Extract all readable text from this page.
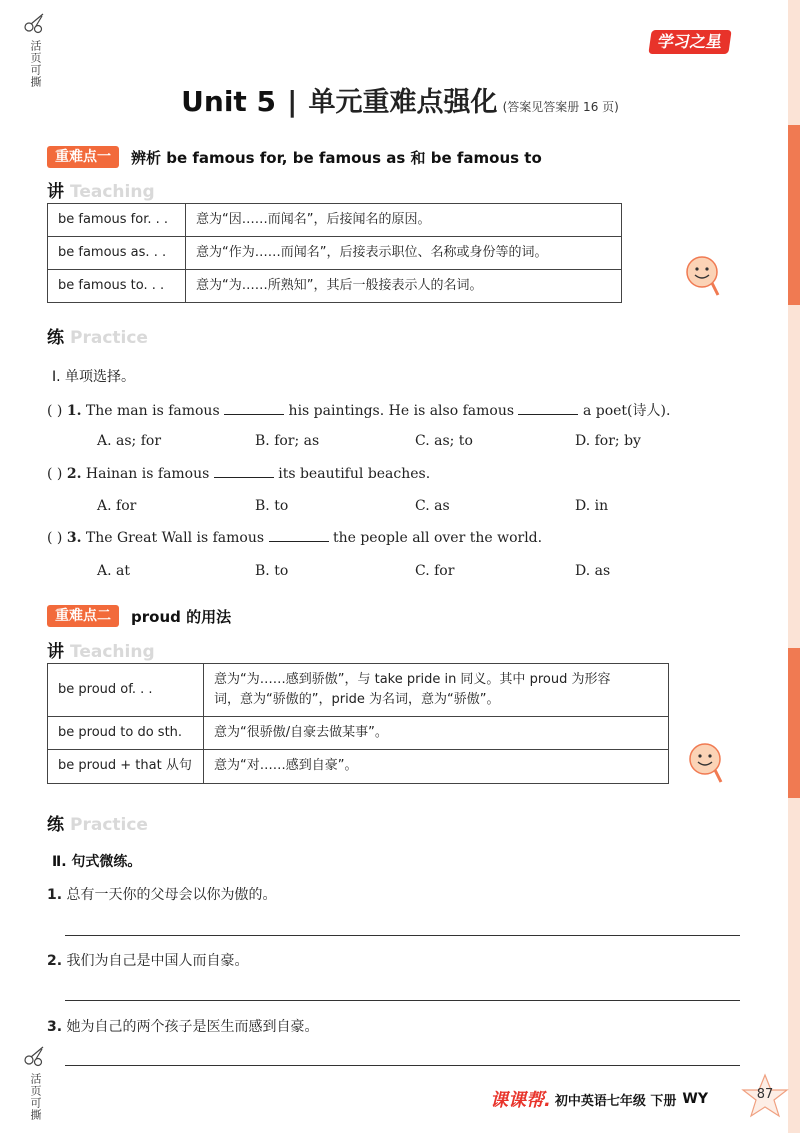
活页可撕
活页可撕
学习之星
Unit 5 | 单元重难点强化 (答案见答案册 16 页)
重难点一	辨析 be famous for, be famous as 和 be famous to
讲 Teaching
be famous for. . .	意为“因……而闻名”，后接闻名的原因。
be famous as. . .	意为“作为……而闻名”，后接表示职位、名称或身份等的词。
be famous to. . .	意为“为……所熟知”，其后一般接表示人的名词。
练 Practice
Ⅰ. 单项选择。
( ) 1. The man is famous	his paintings. He is also famous	a poet(诗人).
A. as; for	B. for; as	C. as; to	D. for; by
( ) 2. Hainan is famous	its beautiful beaches.
A. for	B. to	C. as	D. in
( ) 3. The Great Wall is famous	the people all over the world.
A. at	B. to	C. for	D. as
重难点二	proud 的用法
讲 Teaching
be proud of. . .	意为“为……感到骄傲”，与 take pride in 同义。其中 proud 为形容
词，意为“骄傲的”，pride 为名词，意为“骄傲”。

be proud to do sth.	意为“很骄傲/自豪去做某事”。
be proud + that 从句	意为“对……感到自豪”。
练 Practice
Ⅱ. 句式微练。
1. 总有一天你的父母会以你为傲的。
2. 我们为自己是中国人而自豪。
3. 她为自己的两个孩子是医生而感到自豪。
课课帮. 初中英语七年级 下册 WY	87
